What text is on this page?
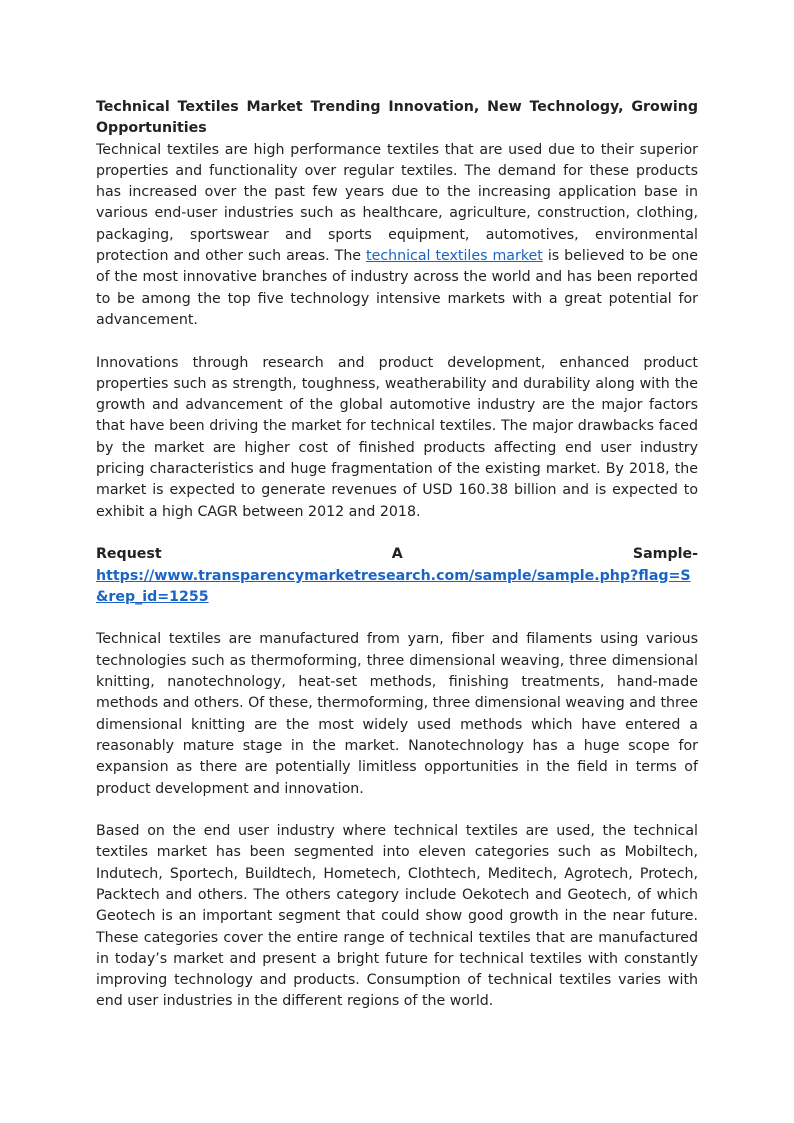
Technical Textiles Market Trending Innovation, New Technology, Growing Opportunities

Technical textiles are high performance textiles that are used due to their superior properties and functionality over regular textiles. The demand for these products has increased over the past few years due to the increasing application base in various end-user industries such as healthcare, agriculture, construction, clothing, packaging, sportswear and sports equipment, automotives, environmental protection and other such areas. The technical textiles market is believed to be one of the most innovative branches of industry across the world and has been reported to be among the top five technology intensive markets with a great potential for advancement.

Innovations through research and product development, enhanced product properties such as strength, toughness, weatherability and durability along with the growth and advancement of the global automotive industry are the major factors that have been driving the market for technical textiles. The major drawbacks faced by the market are higher cost of finished products affecting end user industry pricing characteristics and huge fragmentation of the existing market. By 2018, the market is expected to generate revenues of USD 160.38 billion and is expected to exhibit a high CAGR between 2012 and 2018.

Request	A	Sample-
https://www.transparencymarketresearch.com/sample/sample.php?flag=S&rep_id=1255

Technical textiles are manufactured from yarn, fiber and filaments using various technologies such as thermoforming, three dimensional weaving, three dimensional knitting, nanotechnology, heat-set methods, finishing treatments, hand-made methods and others. Of these, thermoforming, three dimensional weaving and three dimensional knitting are the most widely used methods which have entered a reasonably mature stage in the market. Nanotechnology has a huge scope for expansion as there are potentially limitless opportunities in the field in terms of product development and innovation.

Based on the end user industry where technical textiles are used, the technical textiles market has been segmented into eleven categories such as Mobiltech, Indutech, Sportech, Buildtech, Hometech, Clothtech, Meditech, Agrotech, Protech, Packtech and others. The others category include Oekotech and Geotech, of which Geotech is an important segment that could show good growth in the near future. These categories cover the entire range of technical textiles that are manufactured in today’s market and present a bright future for technical textiles with constantly improving technology and products. Consumption of technical textiles varies with end user industries in the different regions of the world.
